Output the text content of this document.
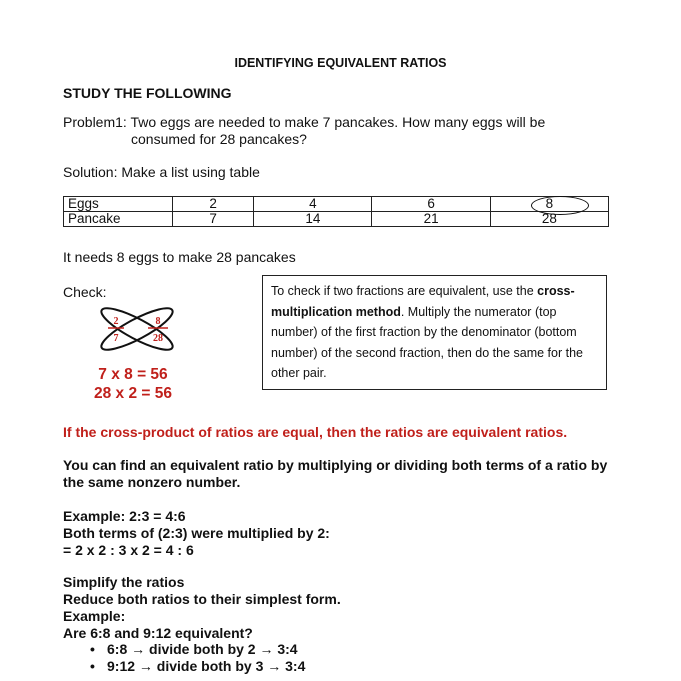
IDENTIFYING EQUIVALENT RATIOS
STUDY THE FOLLOWING
Problem1: Two eggs are needed to make 7 pancakes. How many eggs will be
consumed for 28 pancakes?
Solution: Make a list using table
Eggs	2	4	6	8
Pancake	7	14	21	28
It needs 8 eggs to make 28 pancakes
Check:
2
7
8
28
7 x 8 = 56
28 x 2 = 56
To check if two fractions are equivalent, use the cross-multiplication method. Multiply the numerator (top number) of the first fraction by the denominator (bottom number) of the second fraction, then do the same for the other pair.
If the cross-product of ratios are equal, then the ratios are equivalent ratios.
You can find an equivalent ratio by multiplying or dividing both terms of a ratio by the same nonzero number.
Example: 2:3 = 4:6
Both terms of (2:3) were multiplied by 2:
= 2 x 2 : 3 x 2 = 4 : 6
Simplify the ratios
Reduce both ratios to their simplest form.
Example:
Are 6:8 and 9:12 equivalent?
• 6:8 → divide both by 2 → 3:4
• 9:12 → divide both by 3 → 3:4
